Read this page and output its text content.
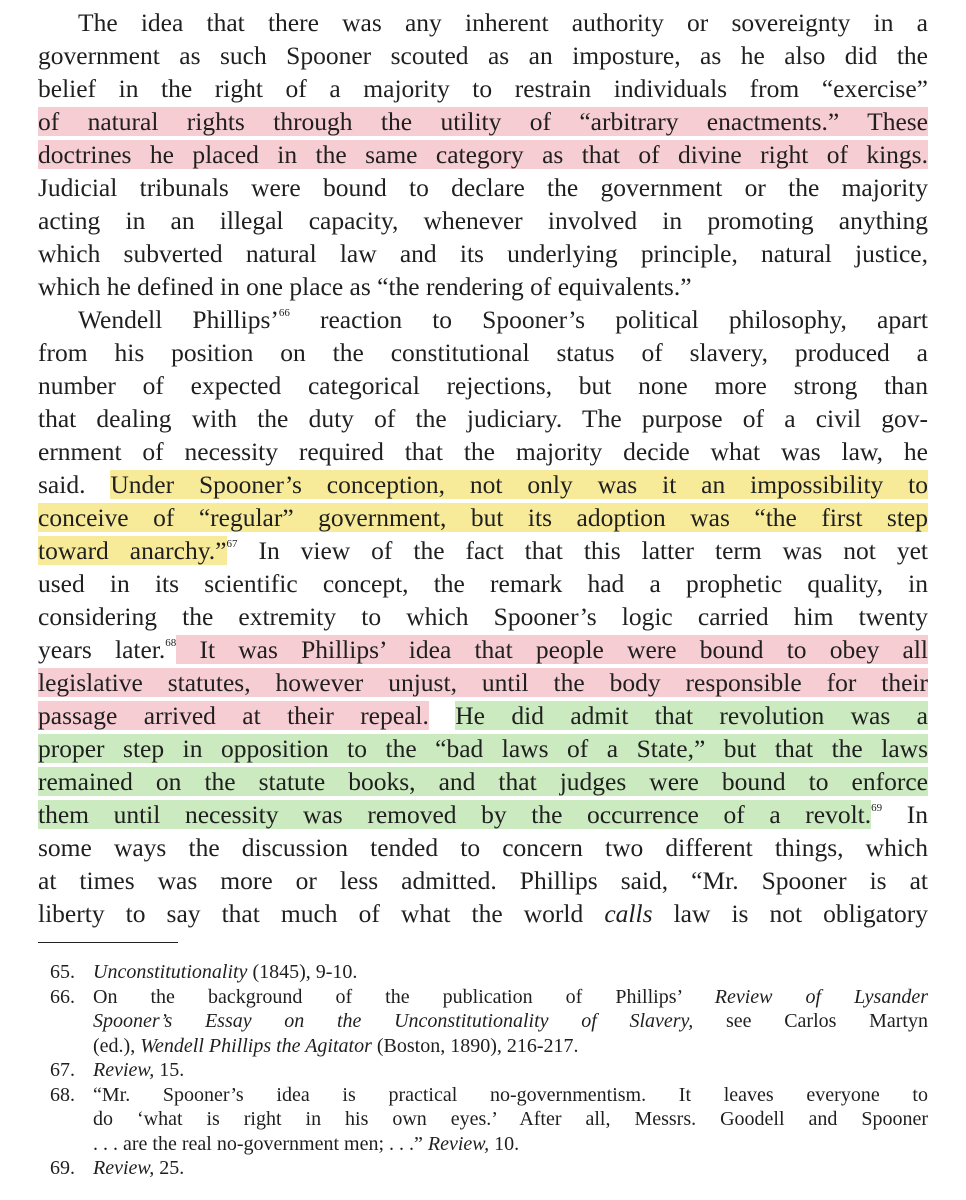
The idea that there was any inherent authority or sovereignty in a
government as such Spooner scouted as an imposture, as he also did the
belief in the right of a majority to restrain individuals from “exercise”
of natural rights through the utility of “arbitrary enactments.” These
doctrines he placed in the same category as that of divine right of kings.
Judicial tribunals were bound to declare the government or the majority
acting in an illegal capacity, whenever involved in promoting anything
which subverted natural law and its underlying principle, natural justice,
which he defined in one place as “the rendering of equivalents.”
Wendell Phillips’$^{66}$ reaction to Spooner’s political philosophy, apart
from his position on the constitutional status of slavery, produced a
number of expected categorical rejections, but none more strong than
that dealing with the duty of the judiciary. The purpose of a civil gov-
ernment of necessity required that the majority decide what was law, he
said. Under Spooner’s conception, not only was it an impossibility to
conceive of “regular” government, but its adoption was “the first step
toward anarchy.”$^{67}$ In view of the fact that this latter term was not yet
used in its scientific concept, the remark had a prophetic quality, in
considering the extremity to which Spooner’s logic carried him twenty
years later.$^{68}$ It was Phillips’ idea that people were bound to obey all
legislative statutes, however unjust, until the body responsible for their
passage arrived at their repeal. He did admit that revolution was a
proper step in opposition to the “bad laws of a State,” but that the laws
remained on the statute books, and that judges were bound to enforce
them until necessity was removed by the occurrence of a revolt.$^{69}$ In
some ways the discussion tended to concern two different things, which
at times was more or less admitted. Phillips said, “Mr. Spooner is at
liberty to say that much of what the world calls law is not obligatory
65. Unconstitutionality (1845), 9-10.
66. On the background of the publication of Phillips’ Review of Lysander
Spooner’s Essay on the Unconstitutionality of Slavery, see Carlos Martyn
(ed.), Wendell Phillips the Agitator (Boston, 1890), 216-217.
67. Review, 15.
68. “Mr. Spooner’s idea is practical no-governmentism. It leaves everyone to
do ‘what is right in his own eyes.’ After all, Messrs. Goodell and Spooner
. . . are the real no-government men; . . .” Review, 10.
69. Review, 25.
